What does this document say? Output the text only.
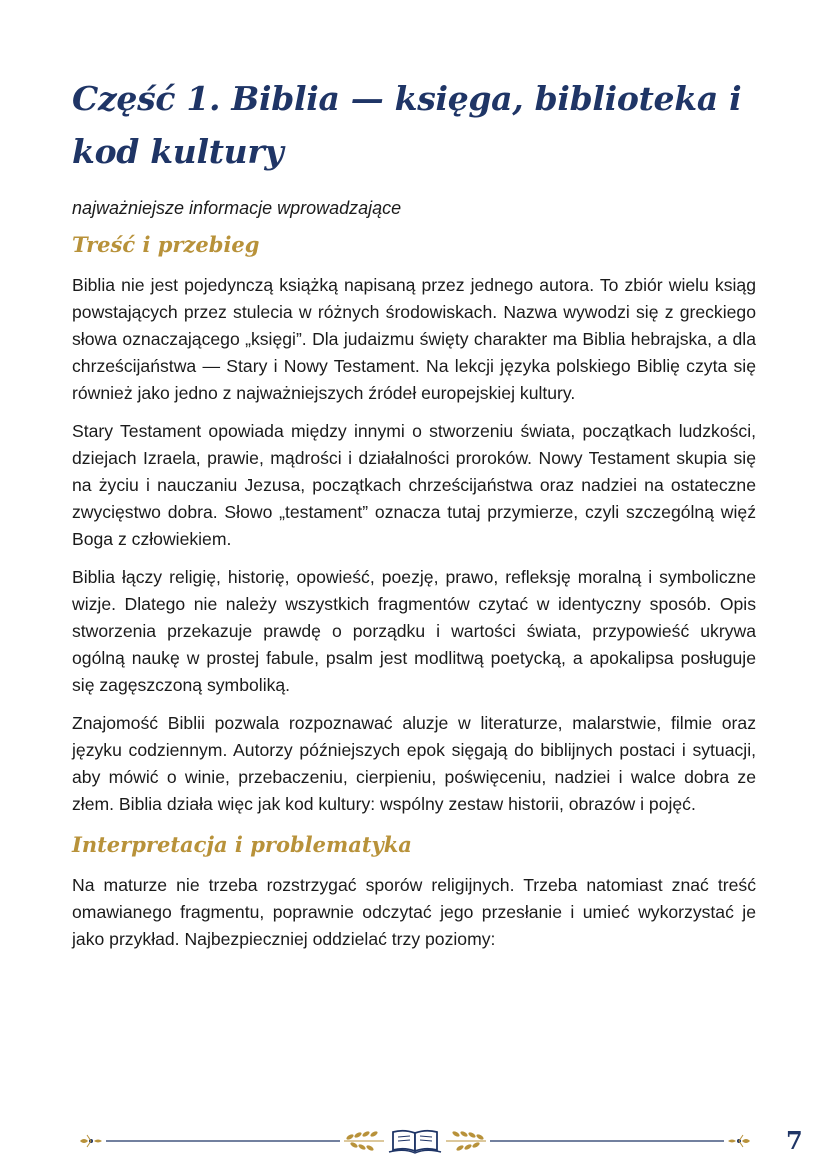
Część 1. Biblia — księga, biblioteka i kod kultury

najważniejsze informacje wprowadzające

Treść i przebieg

Biblia nie jest pojedynczą książką napisaną przez jednego autora. To zbiór wielu ksiąg powstających przez stulecia w różnych środowiskach. Nazwa wywodzi się z greckiego słowa oznaczającego „księgi”. Dla judaizmu święty charakter ma Biblia hebrajska, a dla chrześcijaństwa — Stary i Nowy Testament. Na lekcji języka polskiego Biblię czyta się również jako jedno z najważniejszych źródeł europejskiej kultury.

Stary Testament opowiada między innymi o stworzeniu świata, początkach ludzkości, dziejach Izraela, prawie, mądrości i działalności proroków. Nowy Testament skupia się na życiu i nauczaniu Jezusa, początkach chrześcijaństwa oraz nadziei na ostateczne zwycięstwo dobra. Słowo „testament” oznacza tutaj przymierze, czyli szczególną więź Boga z człowiekiem.

Biblia łączy religię, historię, opowieść, poezję, prawo, refleksję moralną i symboliczne wizje. Dlatego nie należy wszystkich fragmentów czytać w identyczny sposób. Opis stworzenia przekazuje prawdę o porządku i wartości świata, przypowieść ukrywa ogólną naukę w prostej fabule, psalm jest modlitwą poetycką, a apokalipsa posługuje się zagęszczoną symboliką.

Znajomość Biblii pozwala rozpoznawać aluzje w literaturze, malarstwie, filmie oraz języku codziennym. Autorzy późniejszych epok sięgają do biblijnych postaci i sytuacji, aby mówić o winie, przebaczeniu, cierpieniu, poświęceniu, nadziei i walce dobra ze złem. Biblia działa więc jak kod kultury: wspólny zestaw historii, obrazów i pojęć.

Interpretacja i problematyka

Na maturze nie trzeba rozstrzygać sporów religijnych. Trzeba natomiast znać treść omawianego fragmentu, poprawnie odczytać jego przesłanie i umieć wykorzystać je jako przykład. Najbezpieczniej oddzielać trzy poziomy:

7
